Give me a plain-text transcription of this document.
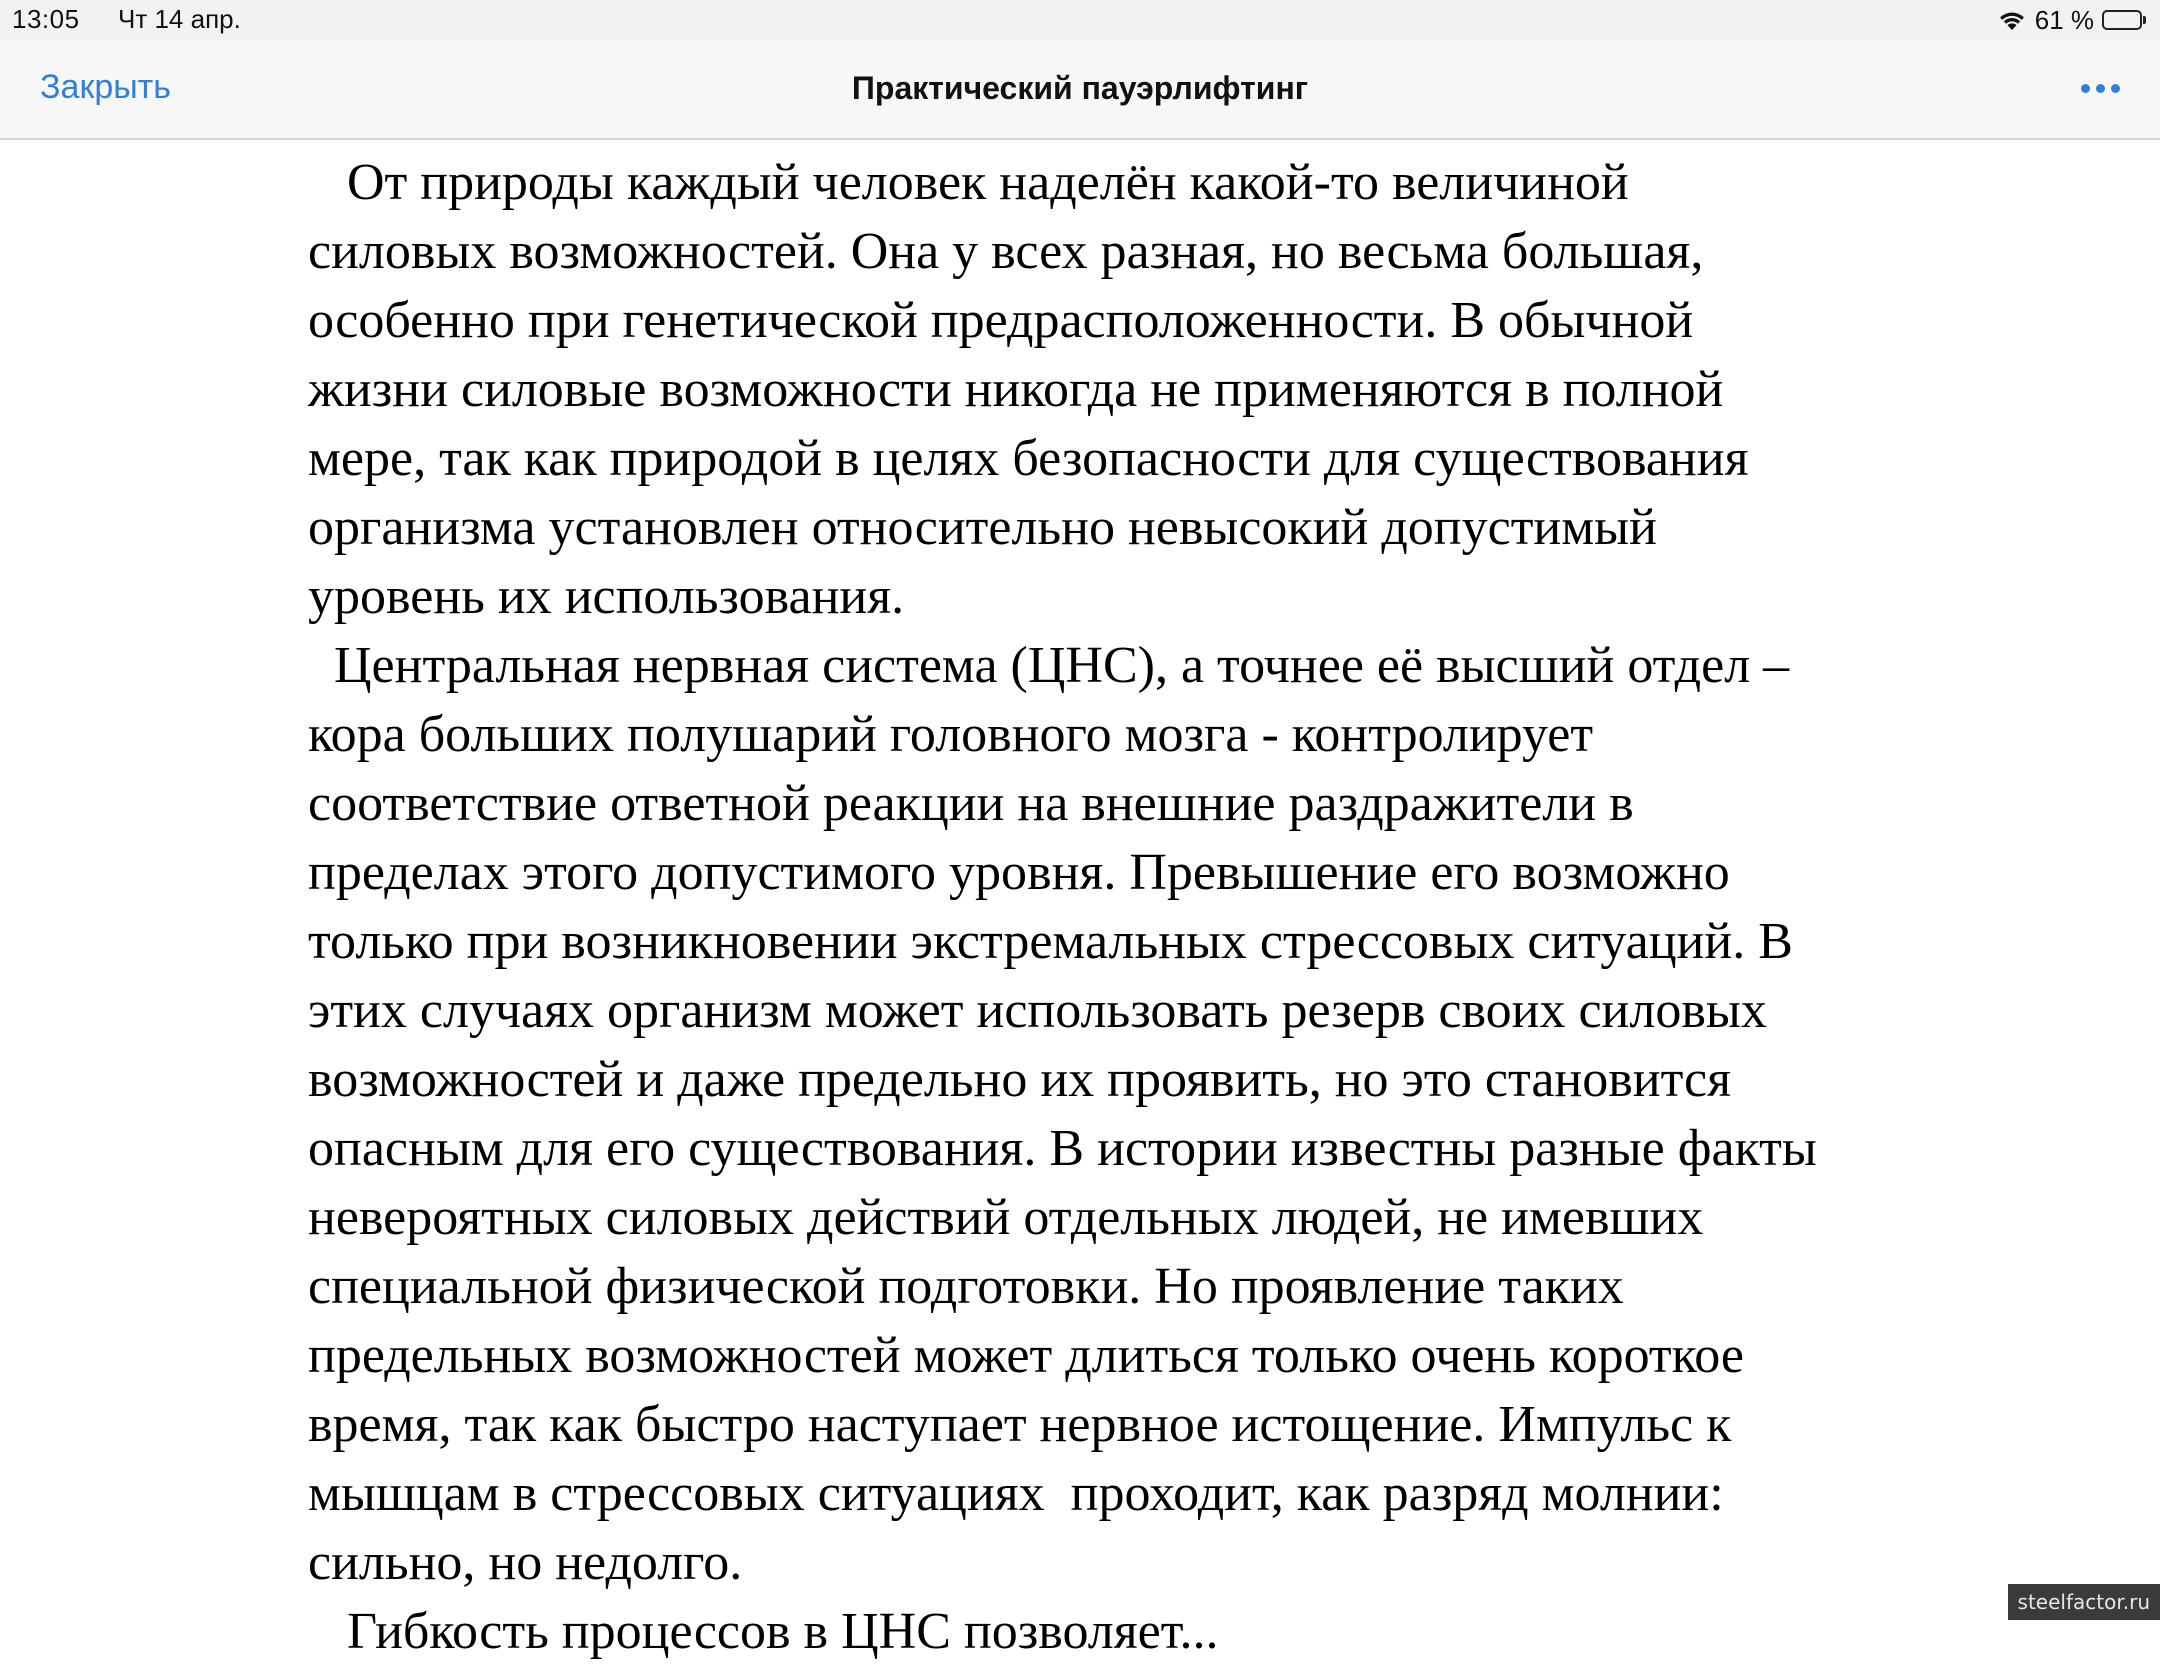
13:05 Чт 14 апр.	61 %
Закрыть	Практический пауэрлифтинг

От природы каждый человек наделён какой-то величиной

силовых возможностей. Она у всех разная, но весьма большая,

особенно при генетической предрасположенности. В обычной

жизни силовые возможности никогда не применяются в полной

мере, так как природой в целях безопасности для существования

организма установлен относительно невысокий допустимый

уровень их использования.

Центральная нервная система (ЦНС), а точнее её высший отдел –

кора больших полушарий головного мозга - контролирует

соответствие ответной реакции на внешние раздражители в

пределах этого допустимого уровня. Превышение его возможно

только при возникновении экстремальных стрессовых ситуаций. В

этих случаях организм может использовать резерв своих силовых

возможностей и даже предельно их проявить, но это становится

опасным для его существования. В истории известны разные факты

невероятных силовых действий отдельных людей, не имевших

специальной физической подготовки. Но проявление таких

предельных возможностей может длиться только очень короткое

время, так как быстро наступает нервное истощение. Импульс к

мышцам в стрессовых ситуациях  проходит, как разряд молнии:

сильно, но недолго.

Гибкость процессов в ЦНС позволяет...

steelfactor.ru
